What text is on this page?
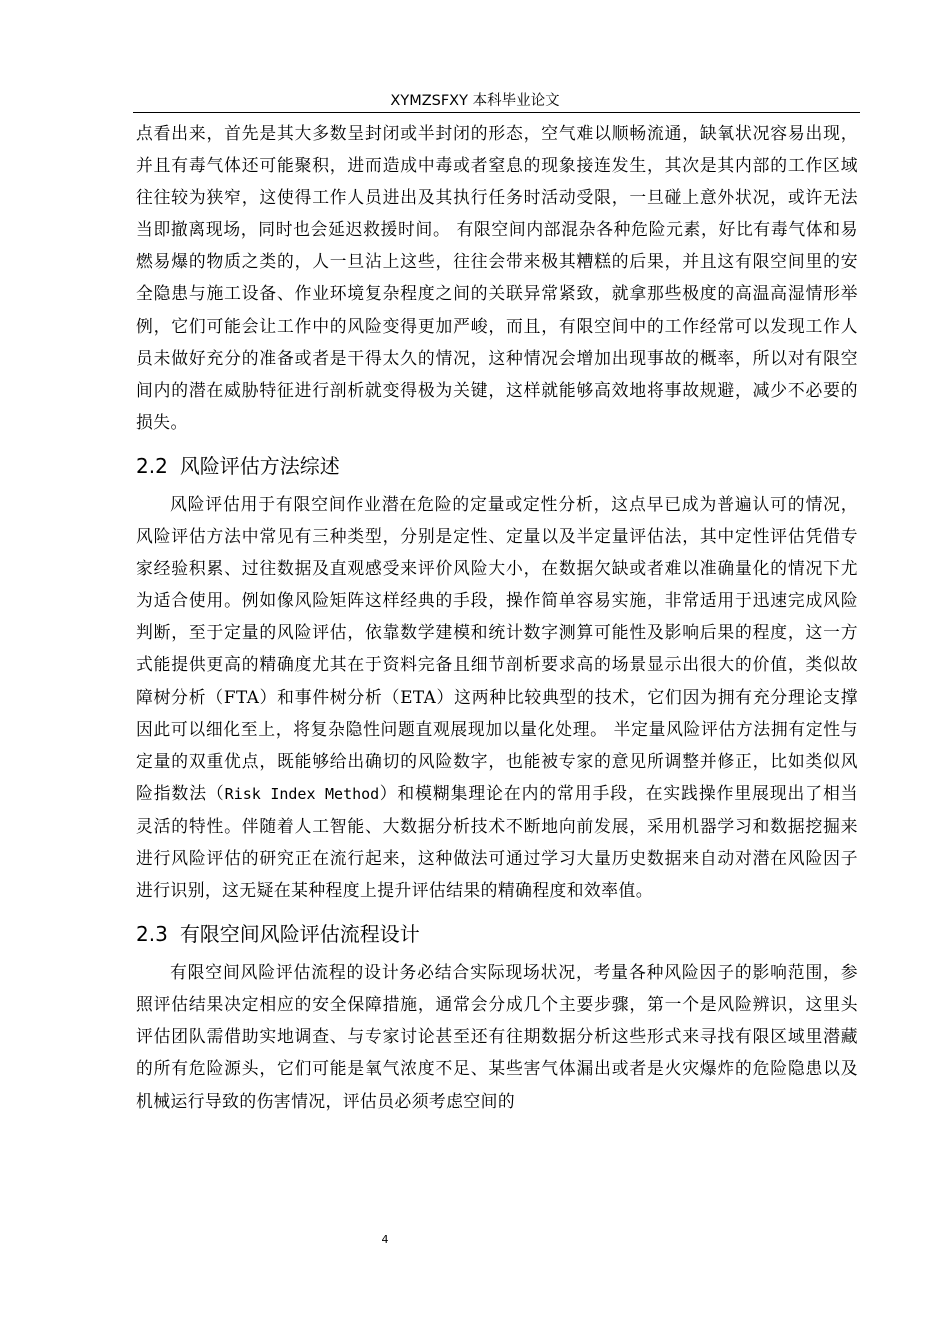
XYMZSFXY 本科毕业论文

点看出来，首先是其大多数呈封闭或半封闭的形态，空气难以顺畅流通，缺氧状况容易出现，并且有毒气体还可能聚积，进而造成中毒或者窒息的现象接连发生，其次是其内部的工作区域往往较为狭窄，这使得工作人员进出及其执行任务时活动受限，一旦碰上意外状况，或许无法当即撤离现场，同时也会延迟救援时间。 有限空间内部混杂各种危险元素，好比有毒气体和易燃易爆的物质之类的，人一旦沾上这些，往往会带来极其糟糕的后果，并且这有限空间里的安全隐患与施工设备、作业环境复杂程度之间的关联异常紧致，就拿那些极度的高温高湿情形举例，它们可能会让工作中的风险变得更加严峻，而且，有限空间中的工作经常可以发现工作人员未做好充分的准备或者是干得太久的情况，这种情况会增加出现事故的概率，所以对有限空间内的潜在威胁特征进行剖析就变得极为关键，这样就能够高效地将事故规避，减少不必要的损失。

2.2 风险评估方法综述

风险评估用于有限空间作业潜在危险的定量或定性分析，这点早已成为普遍认可的情况，风险评估方法中常见有三种类型，分别是定性、定量以及半定量评估法，其中定性评估凭借专家经验积累、过往数据及直观感受来评价风险大小，在数据欠缺或者难以准确量化的情况下尤为适合使用。例如像风险矩阵这样经典的手段，操作简单容易实施，非常适用于迅速完成风险判断，至于定量的风险评估，依靠数学建模和统计数字测算可能性及影响后果的程度，这一方式能提供更高的精确度尤其在于资料完备且细节剖析要求高的场景显示出很大的价值，类似故障树分析（FTA）和事件树分析（ETA）这两种比较典型的技术，它们因为拥有充分理论支撑因此可以细化至上，将复杂隐性问题直观展现加以量化处理。 半定量风险评估方法拥有定性与定量的双重优点，既能够给出确切的风险数字，也能被专家的意见所调整并修正，比如类似风险指数法（Risk Index Method）和模糊集理论在内的常用手段，在实践操作里展现出了相当灵活的特性。伴随着人工智能、大数据分析技术不断地向前发展，采用机器学习和数据挖掘来进行风险评估的研究正在流行起来，这种做法可通过学习大量历史数据来自动对潜在风险因子进行识别，这无疑在某种程度上提升评估结果的精确程度和效率值。

2.3 有限空间风险评估流程设计

有限空间风险评估流程的设计务必结合实际现场状况，考量各种风险因子的影响范围，参照评估结果决定相应的安全保障措施，通常会分成几个主要步骤，第一个是风险辨识，这里头评估团队需借助实地调查、与专家讨论甚至还有往期数据分析这些形式来寻找有限区域里潜藏的所有危险源头，它们可能是氧气浓度不足、某些害气体漏出或者是火灾爆炸的危险隐患以及机械运行导致的伤害情况，评估员必须考虑空间的

4
